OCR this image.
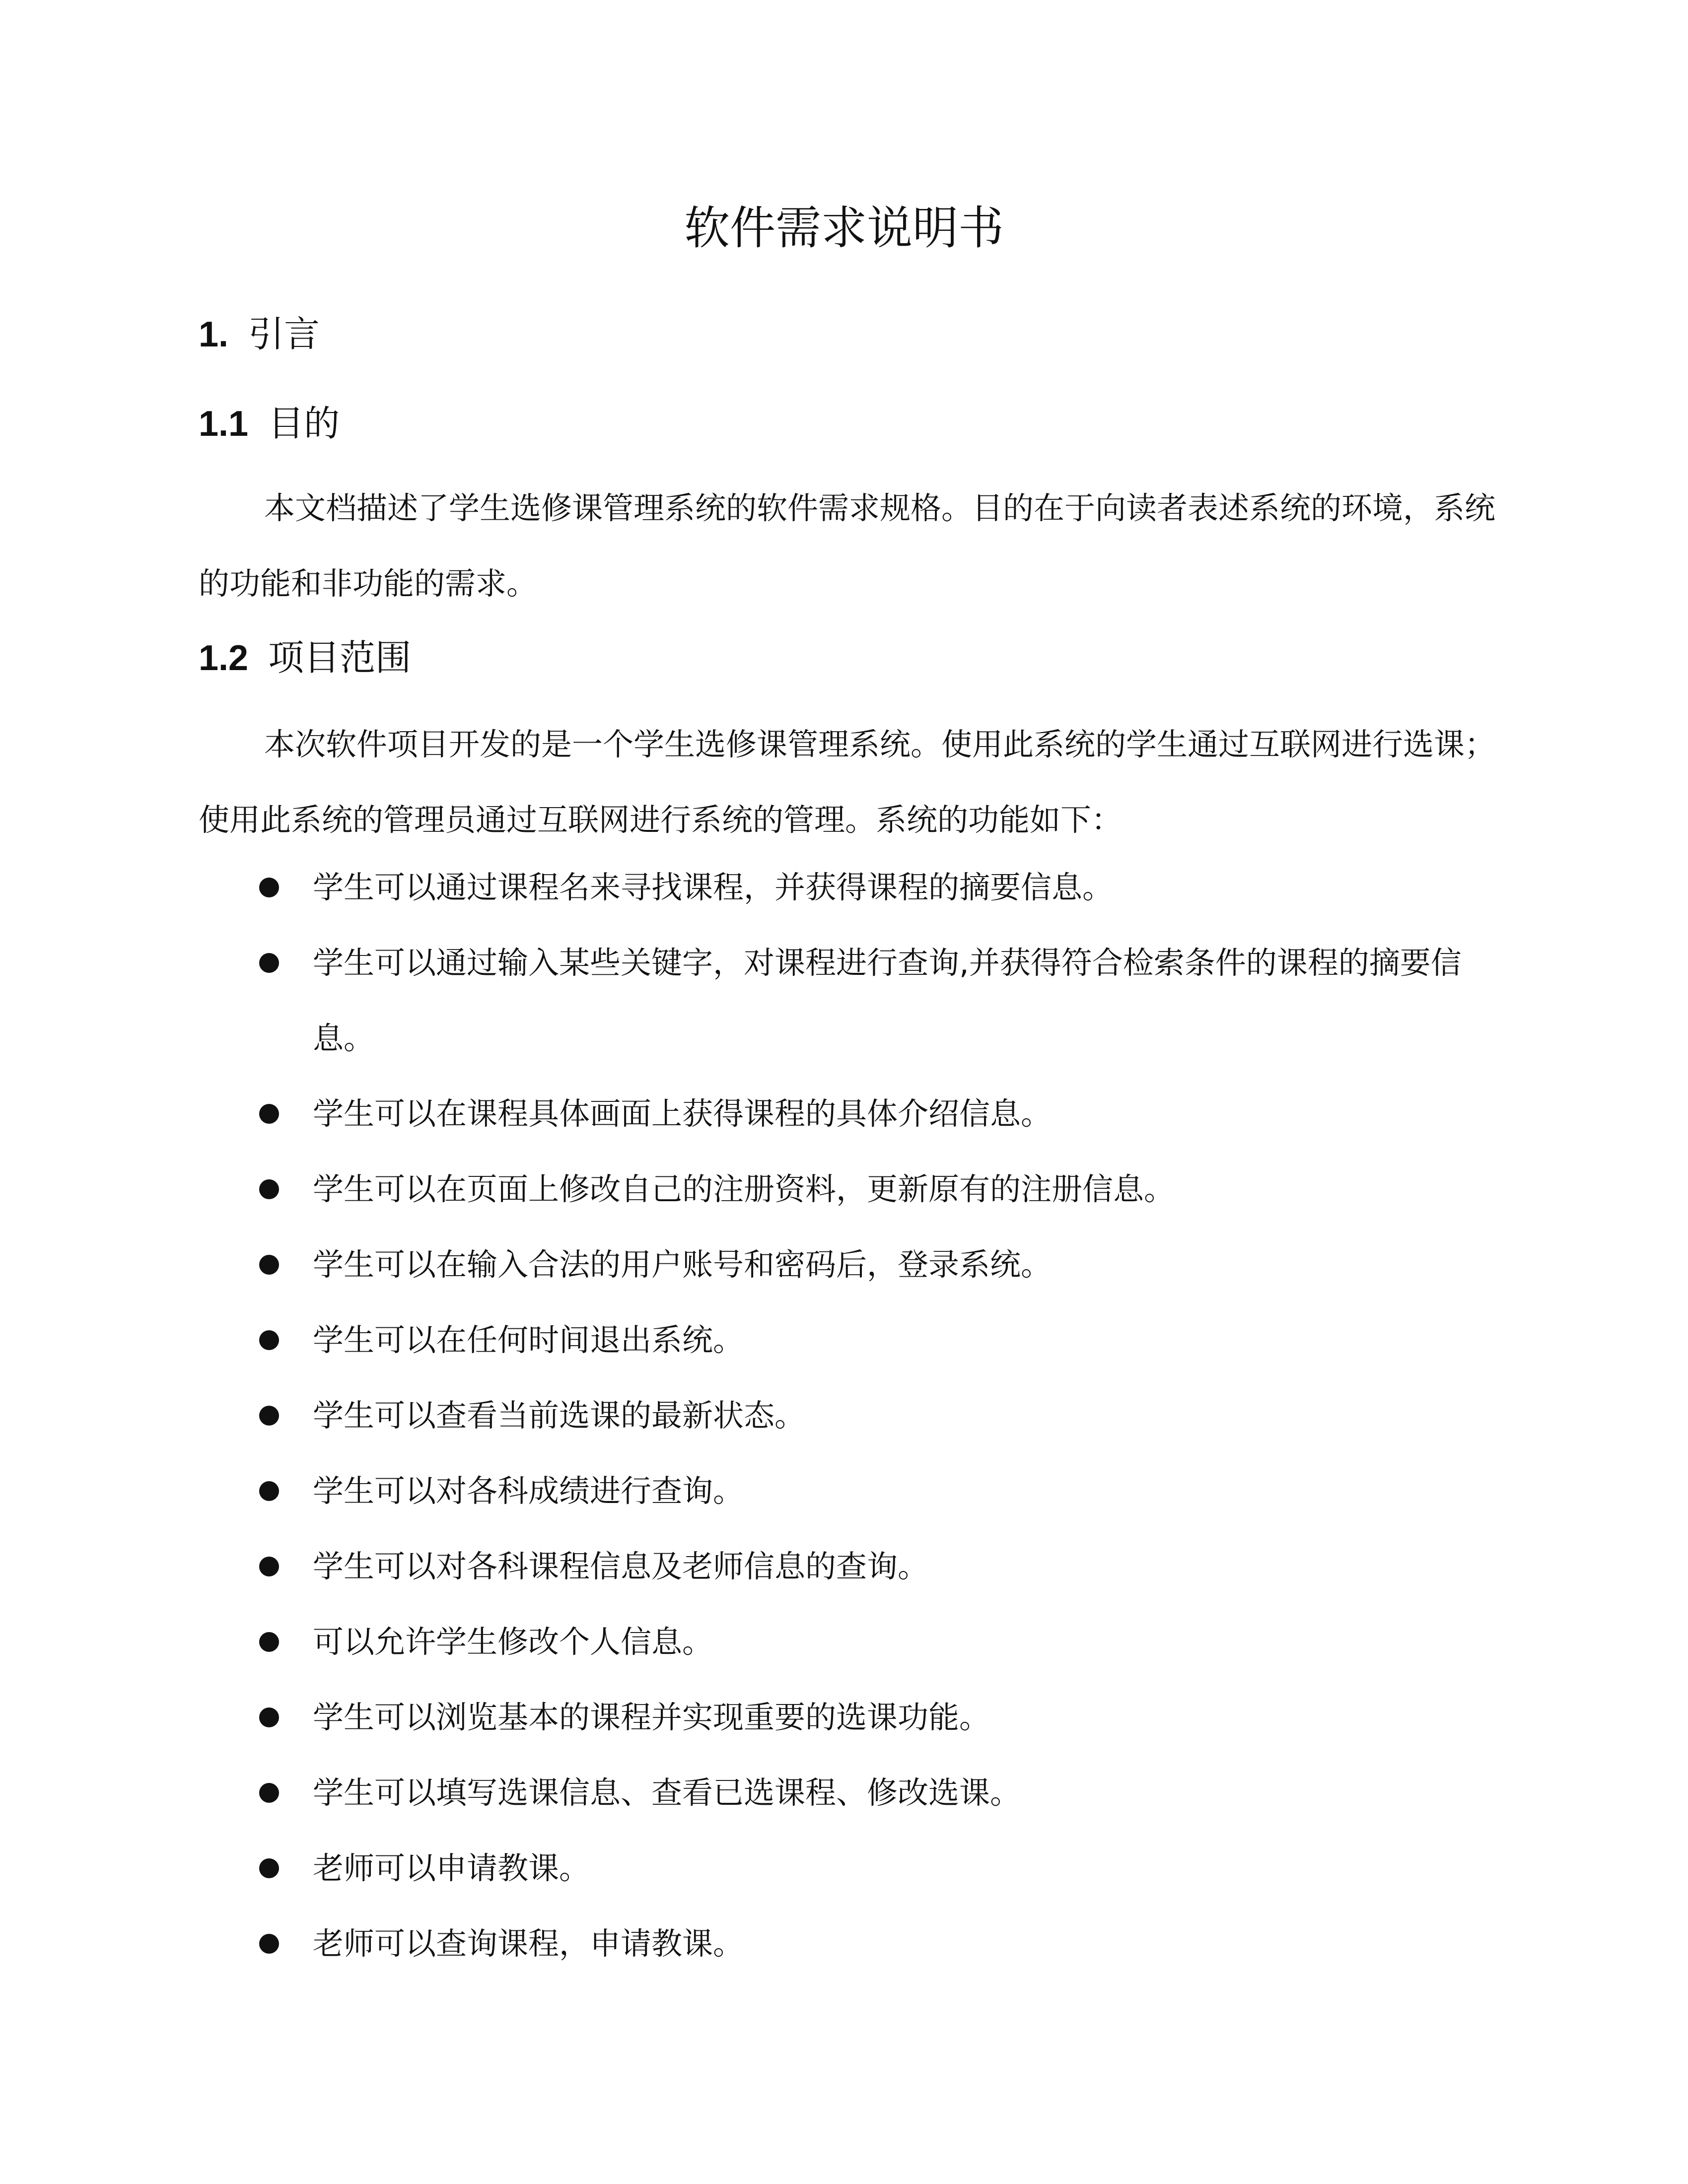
软件需求说明书
1. 引言
1.1 目的

本文档描述了学生选修课管理系统的软件需求规格。目的在于向读者表述系统的环境，系统的功能和非功能的需求。

1.2 项目范围

本次软件项目开发的是一个学生选修课管理系统。使用此系统的学生通过互联网进行选课；使用此系统的管理员通过互联网进行系统的管理。系统的功能如下：

学生可以通过课程名来寻找课程，并获得课程的摘要信息。
学生可以通过输入某些关键字，对课程进行查询,并获得符合检索条件的课程的摘要信息。
学生可以在课程具体画面上获得课程的具体介绍信息。
学生可以在页面上修改自己的注册资料，更新原有的注册信息。
学生可以在输入合法的用户账号和密码后，登录系统。
学生可以在任何时间退出系统。
学生可以查看当前选课的最新状态。
学生可以对各科成绩进行查询。
学生可以对各科课程信息及老师信息的查询。
可以允许学生修改个人信息。
学生可以浏览基本的课程并实现重要的选课功能。
学生可以填写选课信息、查看已选课程、修改选课。
老师可以申请教课。
老师可以查询课程，申请教课。
